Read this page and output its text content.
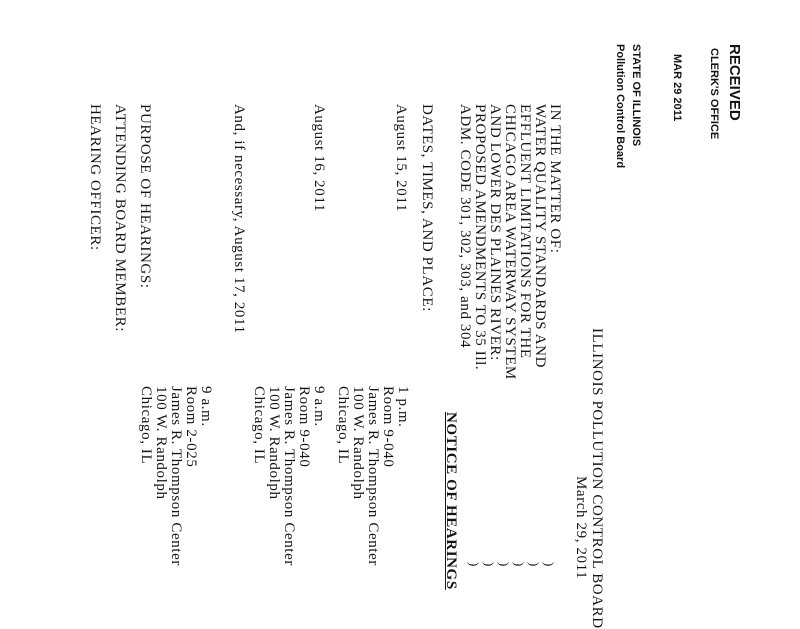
RECEIVED
CLERK'S OFFICE
MAR 29 2011
STATE OF ILLINOIS
Pollution Control Board
ILLINOIS POLLUTION CONTROL BOARD
March 29, 2011
IN THE MATTER OF:
WATER QUALITY STANDARDS AND
EFFLUENT LIMITATIONS FOR THE
CHICAGO AREA WATERWAY SYSTEM
AND LOWER DES PLAINES RIVER:
PROPOSED AMENDMENTS TO 35 Ill.
ADM. CODE 301, 302, 303, and 304
)
)
)
)
)
)
NOTICE OF HEARINGS
DATES, TIMES, AND PLACE:
August 15, 2011
1 p.m.
Room 9-040
James R. Thompson Center
100 W. Randolph
Chicago, IL
August 16, 2011
9 a.m.
Room 9-040
James R. Thompson Center
100 W. Randolph
Chicago, IL
And, if necessary, August 17, 2011
9 a.m.
Room 2-025
James R. Thompson Center
100 W. Randolph
Chicago, IL
PURPOSE OF HEARINGS:
ATTENDING BOARD MEMBER:
HEARING OFFICER:
